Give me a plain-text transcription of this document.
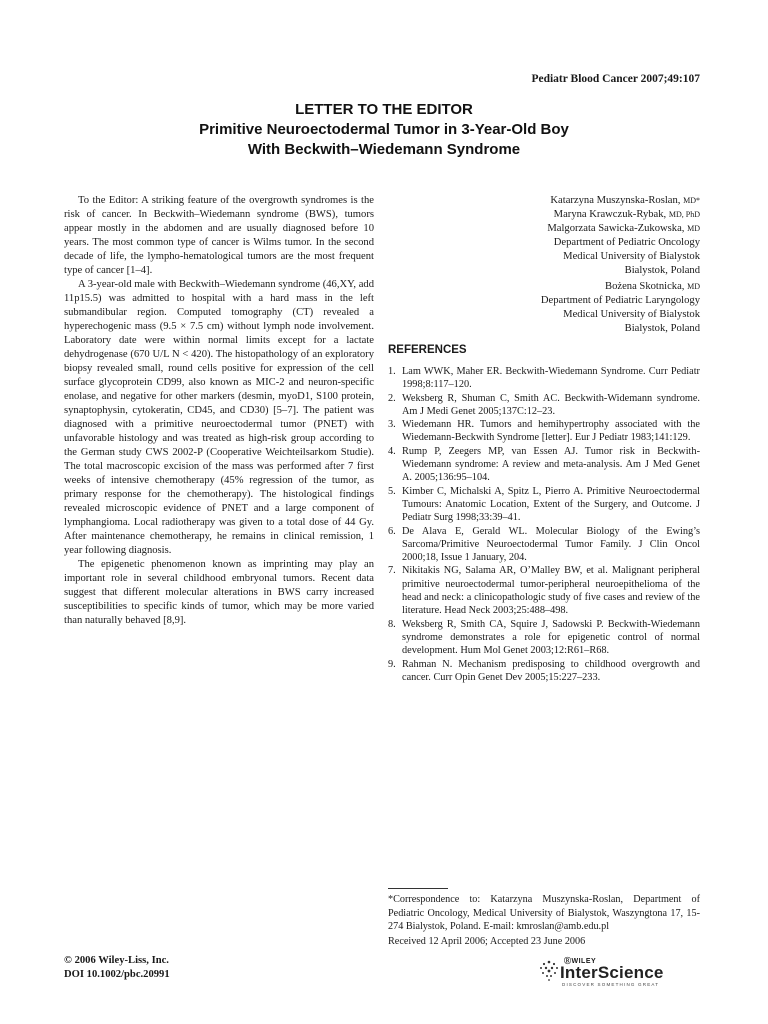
Pediatr Blood Cancer 2007;49:107
LETTER TO THE EDITOR
Primitive Neuroectodermal Tumor in 3-Year-Old Boy
With Beckwith–Wiedemann Syndrome

To the Editor: A striking feature of the overgrowth syndromes is the risk of cancer. In Beckwith–Wiedemann syndrome (BWS), tumors appear mostly in the abdomen and are usually diagnosed before 10 years. The most common type of cancer is Wilms tumor. In the second decade of life, the lympho-hematological tumors are the most frequent type of cancer [1–4].

A 3-year-old male with Beckwith–Wiedemann syndrome (46,XY, add 11p15.5) was admitted to hospital with a hard mass in the left submandibular region. Computed tomography (CT) revealed a hyperechogenic mass (9.5 × 7.5 cm) without lymph node involvement. Laboratory date were within normal limits except for a lactate dehydrogenase (670 U/L N < 420). The histopathology of an exploratory biopsy revealed small, round cells positive for expression of the cell surface glycoprotein CD99, also known as MIC-2 and neuron-specific enolase, and negative for other markers (desmin, myoD1, S100 protein, synaptophysin, cytokeratin, CD45, and CD30) [5–7]. The patient was diagnosed with a primitive neuroectodermal tumor (PNET) with unfavorable histology and was treated as high-risk group according to the German study CWS 2002-P (Cooperative Weichteilsarkom Studie). The total macroscopic excision of the mass was performed after 7 first weeks of intensive chemotherapy (45% regression of the tumor, as primary response for the chemotherapy). The histological findings revealed microscopic evidence of PNET and a large component of lymphangioma. Local radiotherapy was given to a total dose of 44 Gy. After maintenance chemotherapy, he remains in clinical remission, 1 year following diagnosis.

The epigenetic phenomenon known as imprinting may play an important role in several childhood embryonal tumors. Recent data suggest that different molecular alterations in BWS carry increased susceptibilities to specific kinds of tumor, which may be more varied than naturally behaved [8,9].

Katarzyna Muszynska-Roslan, MD*
Maryna Krawczuk-Rybak, MD, PhD
Malgorzata Sawicka-Zukowska, MD
Department of Pediatric Oncology
Medical University of Bialystok
Bialystok, Poland
Bożena Skotnicka, MD
Department of Pediatric Laryngology
Medical University of Bialystok
Bialystok, Poland
REFERENCES
1. Lam WWK, Maher ER. Beckwith-Wiedemann Syndrome. Curr Pediatr 1998;8:117–120.
2. Weksberg R, Shuman C, Smith AC. Beckwith-Widemann syndrome. Am J Medi Genet 2005;137C:12–23.
3. Wiedemann HR. Tumors and hemihypertrophy associated with the Wiedemann-Beckwith Syndrome [letter]. Eur J Pediatr 1983;141:129.
4. Rump P, Zeegers MP, van Essen AJ. Tumor risk in Beckwith-Wiedemann syndrome: A review and meta-analysis. Am J Med Genet A. 2005;136:95–104.
5. Kimber C, Michalski A, Spitz L, Pierro A. Primitive Neuroectodermal Tumours: Anatomic Location, Extent of the Surgery, and Outcome. J Pediatr Surg 1998;33:39–41.
6. De Alava E, Gerald WL. Molecular Biology of the Ewing’s Sarcoma/Primitive Neuroectodermal Tumor Family. J Clin Oncol 2000;18, Issue 1 January, 204.
7. Nikitakis NG, Salama AR, O’Malley BW, et al. Malignant peripheral primitive neuroectodermal tumor-peripheral neuroepithelioma of the head and neck: a clinicopathologic study of five cases and review of the literature. Head Neck 2003;25:488–498.
8. Weksberg R, Smith CA, Squire J, Sadowski P. Beckwith-Wiedemann syndrome demonstrates a role for epigenetic control of normal development. Hum Mol Genet 2003;12:R61–R68.
9. Rahman N. Mechanism predisposing to childhood overgrowth and cancer. Curr Opin Genet Dev 2005;15:227–233.
*Correspondence to: Katarzyna Muszynska-Roslan, Department of Pediatric Oncology, Medical University of Bialystok, Waszyngtona 17, 15-274 Bialystok, Poland. E-mail: kmroslan@amb.edu.pl
Received 12 April 2006; Accepted 23 June 2006
© 2006 Wiley-Liss, Inc.
DOI 10.1002/pbc.20991
ⓇWILEY
InterScience
DISCOVER SOMETHING GREAT
